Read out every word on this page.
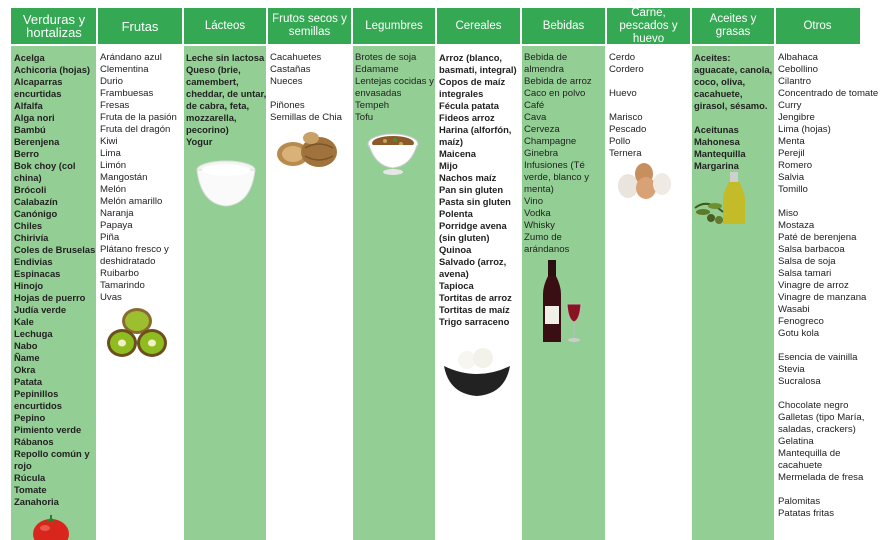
Verduras y hortalizas
Acelga
Achicoria (hojas)
Alcaparras encurtidas
Alfalfa
Alga nori
Bambú
Berenjena
Berro
Bok choy (col china)
Brócoli
Calabazín
Canónigo
Chiles
Chirivía
Coles de Bruselas
Endivias
Espinacas
Hinojo
Hojas de puerro
Judía verde
Kale
Lechuga
Nabo
Ñame
Okra
Patata
Pepinillos encurtidos
Pepino
Pimiento verde
Rábanos
Repollo común y rojo
Rúcula
Tomate
Zanahoria
Frutas
Arándano azul
Clementina
Durio
Frambuesas
Fresas
Fruta de la pasión
Fruta del dragón
Kiwi
Lima
Limón
Mangostán
Melón
Melón amarillo
Naranja
Papaya
Piña
Plátano fresco y deshidratado
Ruibarbo
Tamarindo
Uvas
Lácteos
Leche sin lactosa
Queso (brie, camembert, cheddar, de untar, de cabra, feta, mozzarella, pecorino)
Yogur
Frutos secos y semillas
Cacahuetes
Castañas
Nueces
Piñones
Semillas de Chia
Legumbres
Brotes de soja
Edamame
Lentejas cocidas y envasadas
Tempeh
Tofu
Cereales
Arroz (blanco, basmati, integral)
Copos de maíz integrales
Fécula patata
Fideos arroz
Harina (alforfón, maíz)
Maicena
Mijo
Nachos maíz
Pan sin gluten
Pasta sin gluten
Polenta
Porridge avena (sin gluten)
Quinoa
Salvado (arroz, avena)
Tapioca
Tortitas de arroz
Tortitas de maíz
Trigo sarraceno
Bebidas
Bebida de almendra
Bebida de arroz
Caco en polvo
Café
Cava
Cerveza
Champagne
Ginebra
Infusiones (Té verde, blanco y menta)
Vino
Vodka
Whisky
Zumo de arándanos
Carne, pescados y huevo
Cerdo
Cordero
Huevo
Marisco
Pescado
Pollo
Ternera
Aceites y grasas
Aceites: aguacate, canola, coco, oliva, cacahuete, girasol, sésamo.
Aceitunas
Mahonesa
Mantequilla
Margarina
Otros
Albahaca
Cebollino
Cilantro
Concentrado de tomate
Curry
Jengibre
Lima (hojas)
Menta
Perejil
Romero
Salvia
Tomillo
Miso
Mostaza
Paté de berenjena
Salsa barbacoa
Salsa de soja
Salsa tamari
Vinagre de arroz
Vinagre de manzana
Wasabi
Fenogreco
Gotu kola
Esencia de vainilla
Stevia
Sucralosa
Chocolate negro
Galletas (tipo María, saladas, crackers)
Gelatina
Mantequilla de cacahuete
Mermelada de fresa
Palomitas
Patatas fritas
